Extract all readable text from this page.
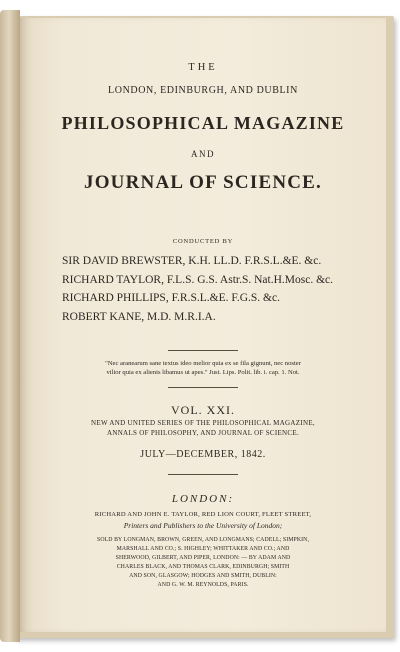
THE

LONDON, EDINBURGH, AND DUBLIN

PHILOSOPHICAL MAGAZINE

AND

JOURNAL OF SCIENCE.

CONDUCTED BY

SIR DAVID BREWSTER, K.H. LL.D. F.R.S.L.&E. &c.

RICHARD TAYLOR, F.L.S. G.S. Astr.S. Nat.H.Mosc. &c.

RICHARD PHILLIPS, F.R.S.L.&E. F.G.S. &c.

ROBERT KANE, M.D. M.R.I.A.

"Nec aranearum sane textus ideo melior quia ex se fila gignunt, nec noster

vilior quia ex alienis libamus ut apes." Just. Lips. Polit. lib. i. cap. 1. Not.

VOL. XXI.

NEW AND UNITED SERIES OF THE PHILOSOPHICAL MAGAZINE,

ANNALS OF PHILOSOPHY, AND JOURNAL OF SCIENCE.

JULY—DECEMBER, 1842.

LONDON:

RICHARD AND JOHN E. TAYLOR, RED LION COURT, FLEET STREET,

Printers and Publishers to the University of London;

SOLD BY LONGMAN, BROWN, GREEN, AND LONGMANS; CADELL; SIMPKIN,

MARSHALL AND CO.; S. HIGHLEY; WHITTAKER AND CO.; AND

SHERWOOD, GILBERT, AND PIPER, LONDON: — BY ADAM AND

CHARLES BLACK, AND THOMAS CLARK, EDINBURGH; SMITH

AND SON, GLASGOW; HODGES AND SMITH, DUBLIN:

AND G. W. M. REYNOLDS, PARIS.
